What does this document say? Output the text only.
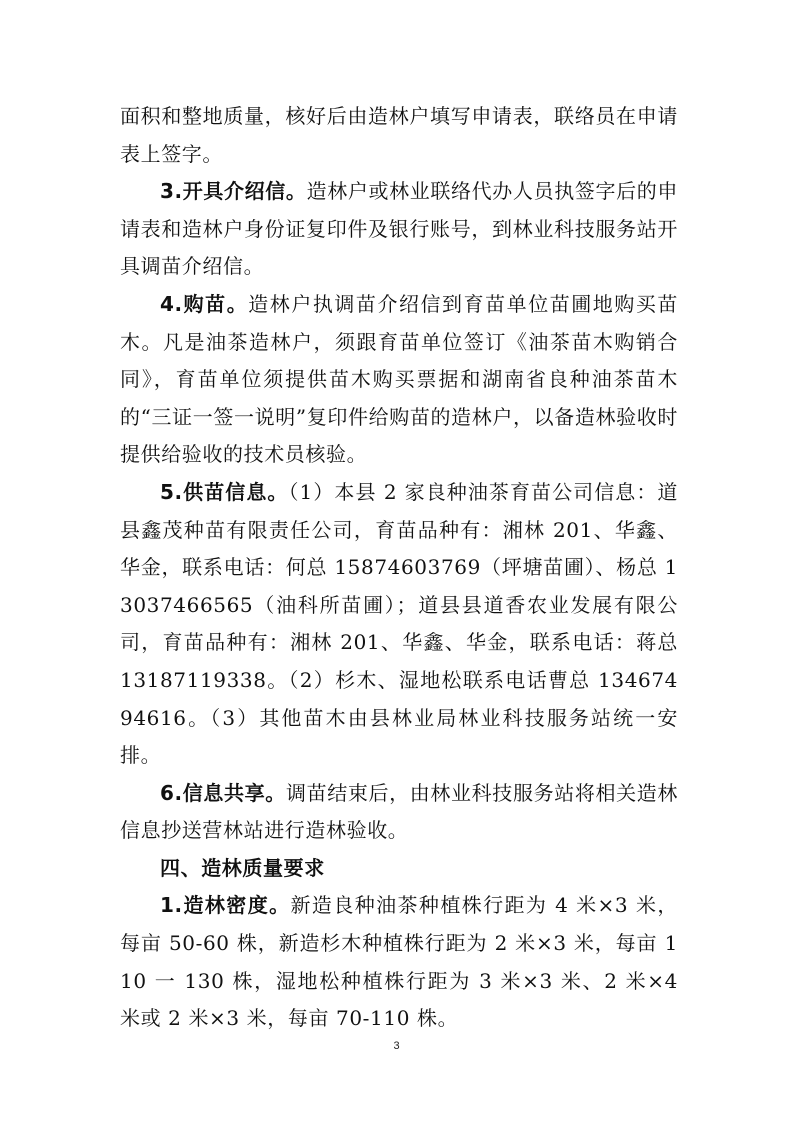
面积和整地质量，核好后由造林户填写申请表，联络员在申请表上签字。

3.开具介绍信。造林户或林业联络代办人员执签字后的申请表和造林户身份证复印件及银行账号，到林业科技服务站开具调苗介绍信。

4.购苗。造林户执调苗介绍信到育苗单位苗圃地购买苗木。凡是油茶造林户，须跟育苗单位签订《油茶苗木购销合同》，育苗单位须提供苗木购买票据和湖南省良种油茶苗木的“三证一签一说明”复印件给购苗的造林户，以备造林验收时提供给验收的技术员核验。

5.供苗信息。（1）本县 2 家良种油茶育苗公司信息：道县鑫茂种苗有限责任公司，育苗品种有：湘林 201、华鑫、华金，联系电话：何总 15874603769（坪塘苗圃）、杨总 13037466565（油科所苗圃）；道县县道香农业发展有限公司，育苗品种有：湘林 201、华鑫、华金，联系电话：蒋总 13187119338。（2）杉木、湿地松联系电话曹总 13467494616。（3）其他苗木由县林业局林业科技服务站统一安排。

6.信息共享。调苗结束后，由林业科技服务站将相关造林信息抄送营林站进行造林验收。

四、造林质量要求

1.造林密度。新造良种油茶种植株行距为 4 米×3 米，每亩 50-60 株，新造杉木种植株行距为 2 米×3 米，每亩 110 一 130 株，湿地松种植株行距为 3 米×3 米、2 米×4 米或 2 米×3 米，每亩 70-110 株。

3
